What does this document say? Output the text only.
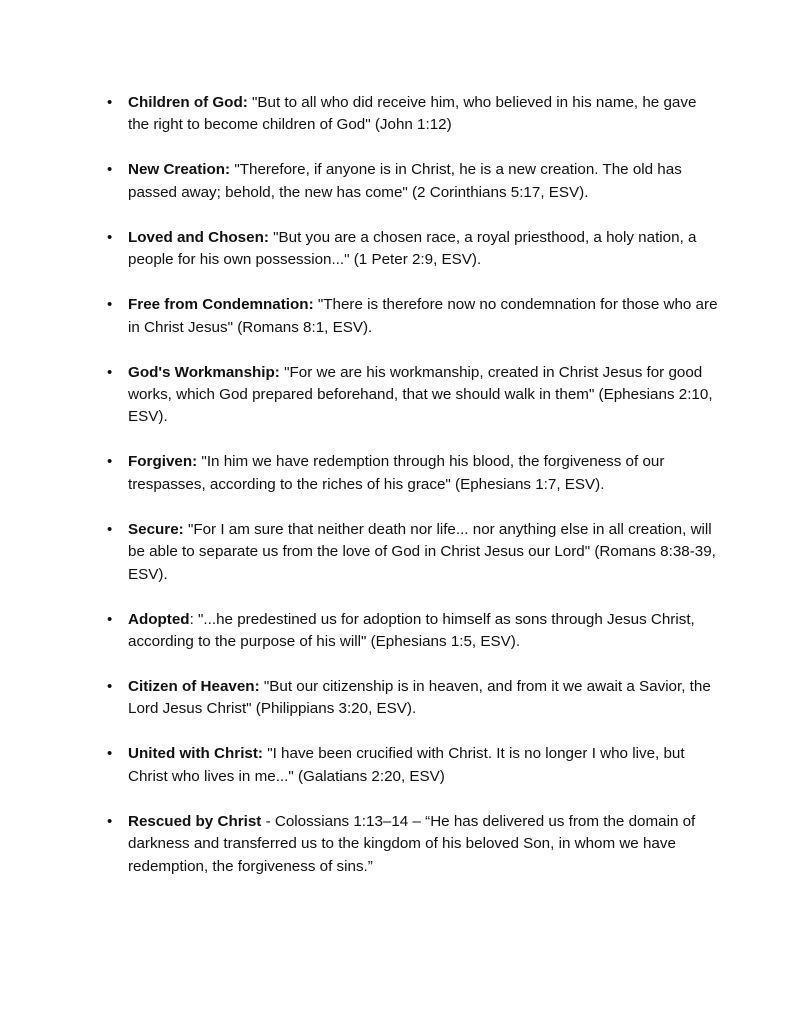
• Children of God: "But to all who did receive him, who believed in his name, he gave the right to become children of God" (John 1:12)
• New Creation: "Therefore, if anyone is in Christ, he is a new creation. The old has passed away; behold, the new has come" (2 Corinthians 5:17, ESV).
• Loved and Chosen: "But you are a chosen race, a royal priesthood, a holy nation, a people for his own possession..." (1 Peter 2:9, ESV).
• Free from Condemnation: "There is therefore now no condemnation for those who are in Christ Jesus" (Romans 8:1, ESV).
• God's Workmanship: "For we are his workmanship, created in Christ Jesus for good works, which God prepared beforehand, that we should walk in them" (Ephesians 2:10, ESV).
• Forgiven: "In him we have redemption through his blood, the forgiveness of our trespasses, according to the riches of his grace" (Ephesians 1:7, ESV).
• Secure: "For I am sure that neither death nor life... nor anything else in all creation, will be able to separate us from the love of God in Christ Jesus our Lord" (Romans 8:38-39, ESV).
• Adopted: "...he predestined us for adoption to himself as sons through Jesus Christ, according to the purpose of his will" (Ephesians 1:5, ESV).
• Citizen of Heaven: "But our citizenship is in heaven, and from it we await a Savior, the Lord Jesus Christ" (Philippians 3:20, ESV).
• United with Christ: "I have been crucified with Christ. It is no longer I who live, but Christ who lives in me..." (Galatians 2:20, ESV)
• Rescued by Christ - Colossians 1:13–14 – “He has delivered us from the domain of darkness and transferred us to the kingdom of his beloved Son, in whom we have redemption, the forgiveness of sins.”
